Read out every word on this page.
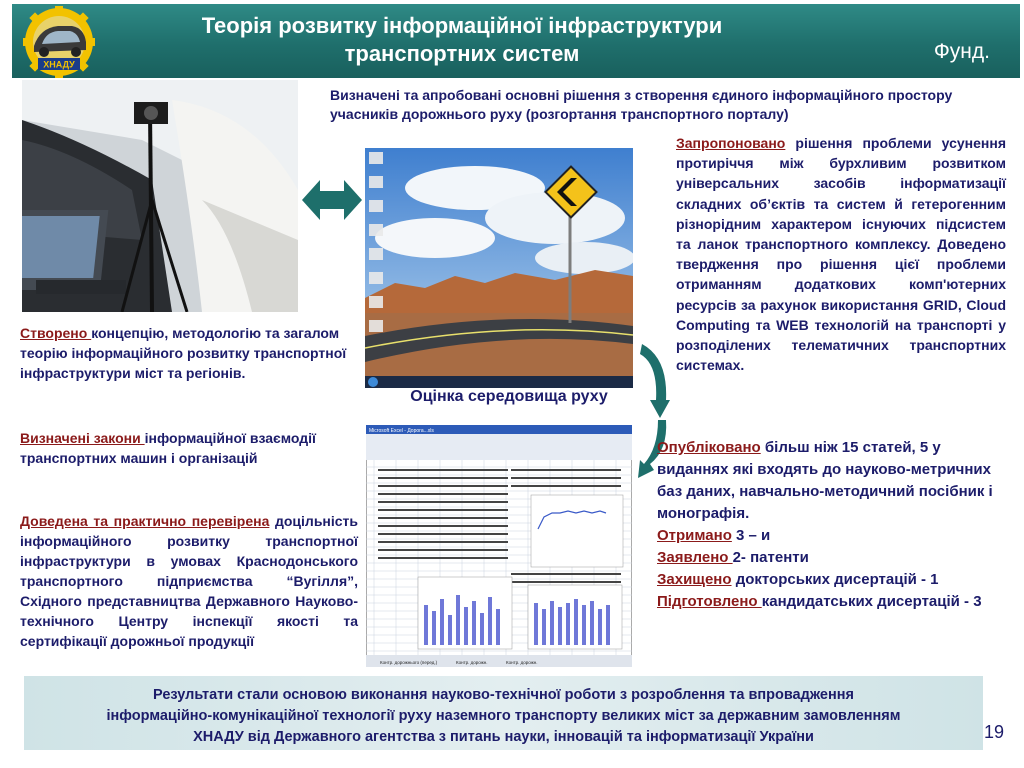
ХНАДУ
Теорія розвитку інформаційної інфраструктури
транспортних систем	Фунд.
Визначені та апробовані основні рішення з створення єдиного інформаційного простору учасників дорожнього руху (розгортання транспортного порталу)
Оцінка середовища руху
Microsoft Excel - Дорога...xls
Контр. дорожнього (перед.)	Контр. дорожн.	Контр. дорожн.
Створено концепцію, методологію та загалом теорію інформаційного розвитку транспортної інфраструктури міст та регіонів.
Визначені закони інформаційної взаємодії транспортних машин і організацій
Доведена та практично перевірена доцільність інформаційного розвитку транспортної інфраструктури в умовах Краснодонського транспортного підприємства “Вугілля”, Східного представництва Державного Науково-технічного Центру інспекції якості та сертифікації дорожньої продукції
Запропоновано рішення проблеми усунення протиріччя між бурхливим розвитком універсальних засобів інформатизації складних об’єктів та систем й гетерогенним різнорідним характером існуючих підсистем та ланок транспортного комплексу. Доведено твердження про рішення цієї проблеми отриманням додаткових комп'ютерних ресурсів за рахунок використання GRID, Cloud Computing та WEB технологій на транспорті у розподілених телематичних транспортних системах.
Опубліковано більш ніж 15 статей, 5 у виданнях які входять до науково-метричних баз даних, навчально-методичний посібник і монографія.
Отримано 3 – и
Заявлено 2- патенти
Захищено докторських дисертацій - 1
Підготовлено кандидатських дисертацій - 3
Результати стали основою виконання науково-технічної роботи з розроблення та впровадження
інформаційно-комунікаційної технології руху наземного транспорту великих міст за державним замовленням
ХНАДУ від Державного агентства з питань науки, інновацій та інформатизації України	19
